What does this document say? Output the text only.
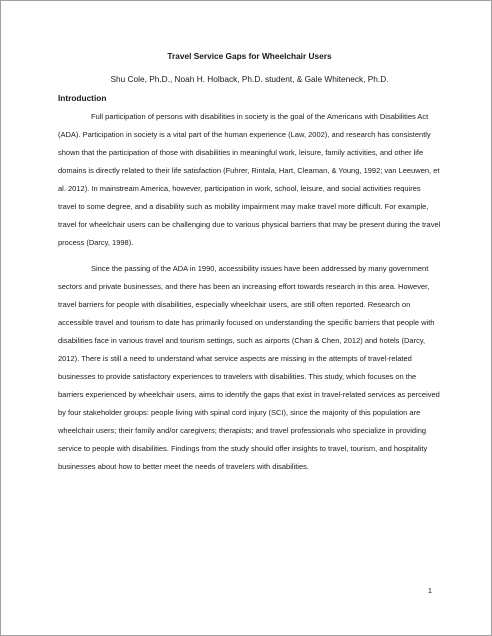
Travel Service Gaps for Wheelchair Users
Shu Cole, Ph.D., Noah H. Holback, Ph.D. student, & Gale Whiteneck, Ph.D.
Introduction

Full participation of persons with disabilities in society is the goal of the Americans with Disabilities Act (ADA). Participation in society is a vital part of the human experience (Law, 2002), and research has consistently shown that the participation of those with disabilities in meaningful work, leisure, family activities, and other life domains is directly related to their life satisfaction (Fuhrer, Rintala, Hart, Cleaman, & Young, 1992; van Leeuwen, et al. 2012). In mainstream America, however, participation in work, school, leisure, and social activities requires travel to some degree, and a disability such as mobility impairment may make travel more difficult. For example, travel for wheelchair users can be challenging due to various physical barriers that may be present during the travel process (Darcy, 1998).

Since the passing of the ADA in 1990, accessibility issues have been addressed by many government sectors and private businesses, and there has been an increasing effort towards research in this area. However, travel barriers for people with disabilities, especially wheelchair users, are still often reported. Research on accessible travel and tourism to date has primarily focused on understanding the specific barriers that people with disabilities face in various travel and tourism settings, such as airports (Chan & Chen, 2012) and hotels (Darcy, 2012). There is still a need to understand what service aspects are missing in the attempts of travel-related businesses to provide satisfactory experiences to travelers with disabilities. This study, which focuses on the barriers experienced by wheelchair users, aims to identify the gaps that exist in travel-related services as perceived by four stakeholder groups: people living with spinal cord injury (SCI), since the majority of this population are wheelchair users; their family and/or caregivers; therapists; and travel professionals who specialize in providing service to people with disabilities. Findings from the study should offer insights to travel, tourism, and hospitality businesses about how to better meet the needs of travelers with disabilities.

1
